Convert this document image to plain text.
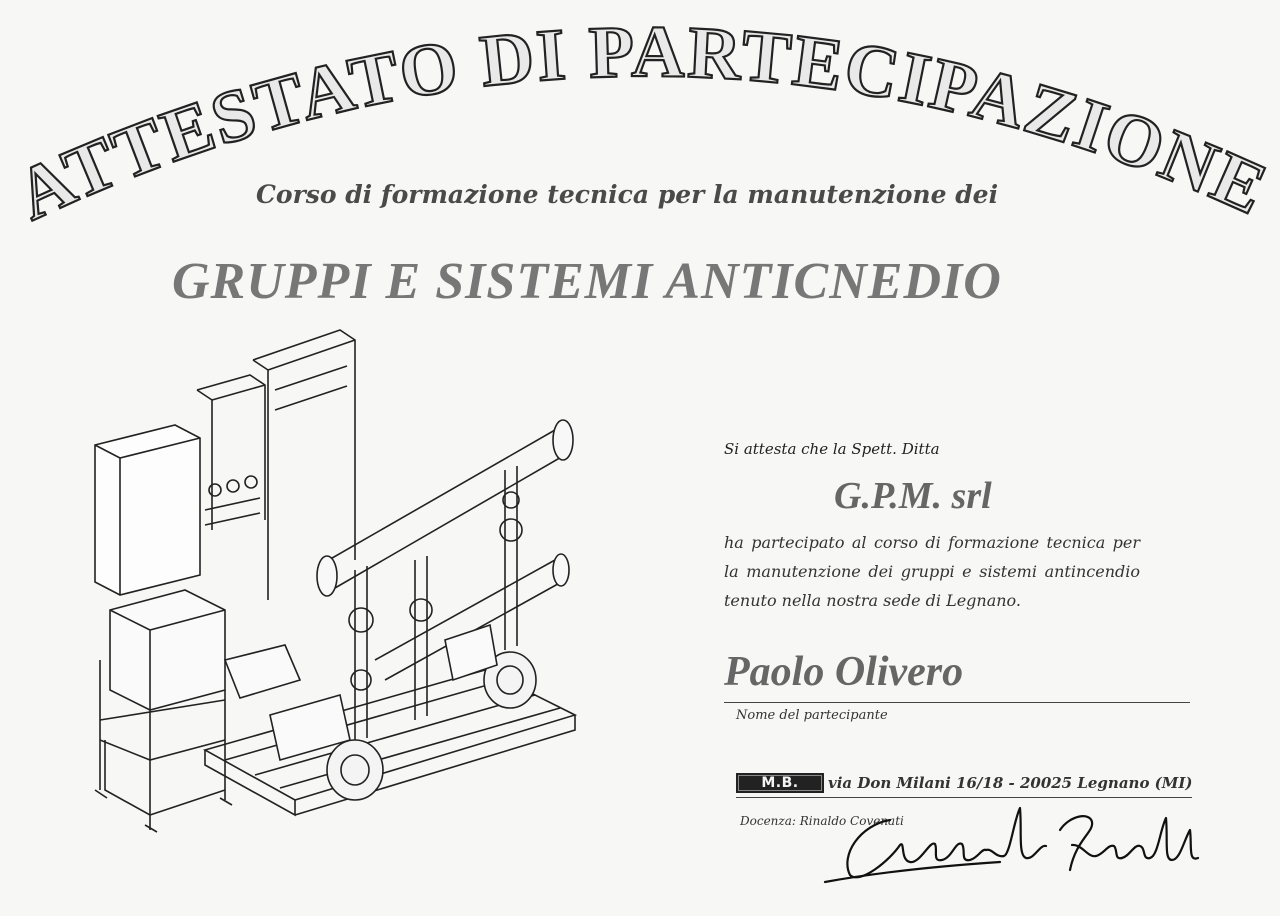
ATTESTATO DI PARTECIPAZIONE
Corso di formazione tecnica per la manutenzione dei
GRUPPI E SISTEMI ANTICNEDIO
Si attesta che la Spett. Ditta
G.P.M. srl
ha partecipato al corso di formazione tecnica per la manutenzione dei gruppi e sistemi antincendio tenuto nella nostra sede di Legnano.
Paolo Olivero
Nome del partecipante
M.B.	via Don Milani 16/18 - 20025 Legnano (MI)
Docenza: Rinaldo Covenati
